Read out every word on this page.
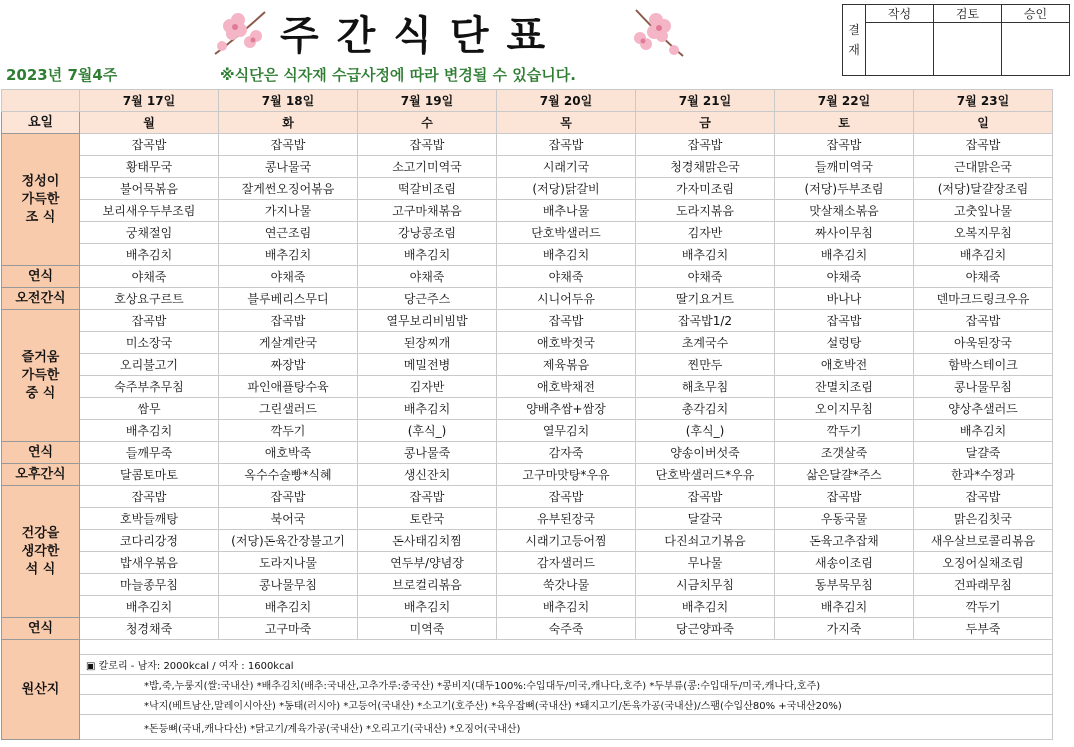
주간식단표
2023년 7월4주	※식단은 식자재 수급사정에 따라 변경될 수 있습니다.
결재	작성	검토	승인

	7월 17일	7월 18일	7월 19일	7월 20일	7월 21일	7월 22일	7월 23일
요일	월	화	수	목	금	토	일
정성이
가득한
조 식	잡곡밥	잡곡밥	잡곡밥	잡곡밥	잡곡밥	잡곡밥	잡곡밥
	황태무국	콩나물국	소고기미역국	시래기국	청경채맑은국	들깨미역국	근대맑은국
	불어묵볶음	잘게썬오징어볶음	떡갈비조림	(저당)닭갈비	가자미조림	(저당)두부조림	(저당)달걀장조림
	보리새우두부조림	가지나물	고구마채볶음	배추나물	도라지볶음	맛살채소볶음	고춧잎나물
	궁채절임	연근조림	강낭콩조림	단호박샐러드	김자반	짜사이무침	오복지무침
	배추김치	배추김치	배추김치	배추김치	배추김치	배추김치	배추김치
연식	야채죽	야채죽	야채죽	야채죽	야채죽	야채죽	야채죽
오전간식	호상요구르트	블루베리스무디	당근주스	시니어두유	딸기요거트	바나나	덴마크드링크우유
즐거움
가득한
중 식	잡곡밥	잡곡밥	열무보리비빔밥	잡곡밥	잡곡밥1/2	잡곡밥	잡곡밥
	미소장국	게살계란국	된장찌개	애호박젓국	초계국수	설렁탕	아욱된장국
	오리불고기	짜장밥	메밀전병	제육볶음	찐만두	애호박전	함박스테이크
	숙주부추무침	파인애플탕수육	김자반	애호박채전	해초무침	잔멸치조림	콩나물무침
	쌈무	그린샐러드	배추김치	양배추쌈+쌈장	총각김치	오이지무침	양상추샐러드
	배추김치	깍두기	(후식_)	열무김치	(후식_)	깍두기	배추김치
연식	들깨무죽	애호박죽	콩나물죽	감자죽	양송이버섯죽	조갯살죽	달걀죽
오후간식	달콤토마토	옥수수술빵*식혜	생신잔치	고구마맛탕*우유	단호박샐러드*우유	삶은달걀*주스	한과*수정과
건강을
생각한
석 식	잡곡밥	잡곡밥	잡곡밥	잡곡밥	잡곡밥	잡곡밥	잡곡밥
	호박들깨탕	북어국	토란국	유부된장국	달갈국	우동국물	맑은김칫국
	코다리강정	(저당)돈육간장불고기	돈사태김치찜	시래기고등어찜	다진쇠고기볶음	돈육고추잡채	새우살브로콜리볶음
	밥새우볶음	도라지나물	연두부/양념장	감자샐러드	무나물	새송이조림	오징어실채조림
	마늘종무침	콩나물무침	브로컬리볶음	쑥갓나물	시금치무침	동부묵무침	건파래무침
	배추김치	배추김치	배추김치	배추김치	배추김치	배추김치	깍두기
연식	청경채죽	고구마죽	미역죽	숙주죽	당근양파죽	가지죽	두부죽
원산지							
	▣ 칼로리 - 남자: 2000kcal / 여자 : 1600kcal						
	*밥,죽,누룽지(쌀:국내산) *배추김치(배추:국내산,고추가루:중국산) *콩비지(대두100%:수입대두/미국,캐나다,호주) *두부류(콩:수입대두/미국,캐나다,호주)						
	*낙지(베트남산,말레이시아산) *동태(러시아) *고등어(국내산) *소고기(호주산) *육우잡뼈(국내산) *돼지고기/돈육가공(국내산)/스팸(수입산80% +국내산20%)						
	*돈등뼈(국내,캐나다산) *닭고기/계육가공(국내산) *오리고기(국내산) *오징어(국내산)						
